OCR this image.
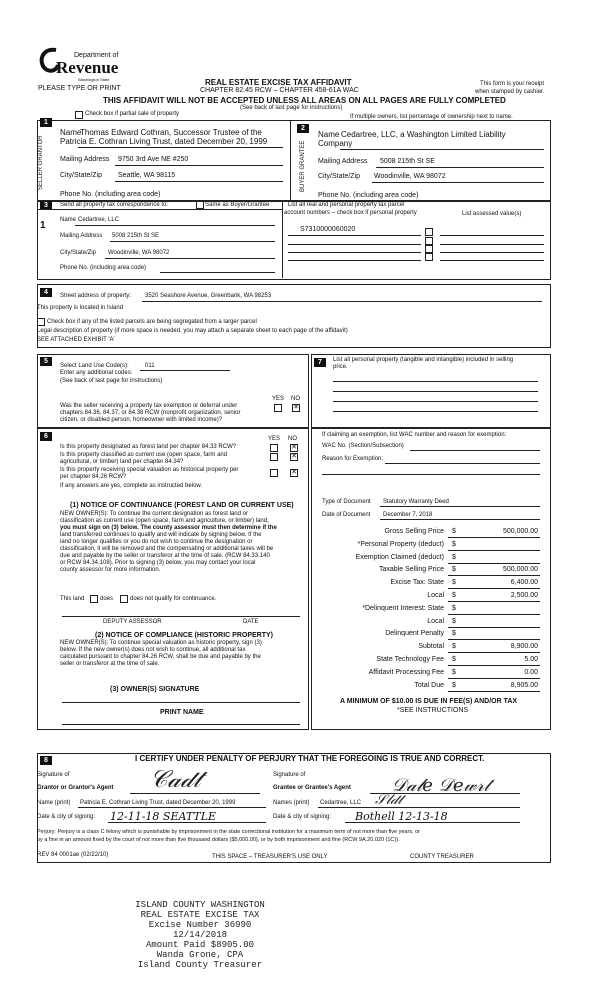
Department of
Revenue
Washington State
PLEASE TYPE OR PRINT
REAL ESTATE EXCISE TAX AFFIDAVIT
CHAPTER 82.45 RCW – CHAPTER 458-61A WAC
THIS AFFIDAVIT WILL NOT BE ACCEPTED UNLESS ALL AREAS ON ALL PAGES ARE FULLY COMPLETED
(See back of last page for instructions)
This form is your receipt
when stamped by cashier.
Check box if partial sale of property	If multiple owners, list percentage of ownership next to name.
1
2
SELLER GRANTOR	BUYER GRANTEE
Name
Thomas Edward Cothran, Successor Trustee of the
Patricia E. Cothran Living Trust, dated December 20, 1999
Mailing Address 9750 3rd Ave NE #250
City/State/Zip Seattle, WA 98115
Phone No. (including area code)
Name Cedartree, LLC, a Washington Limited Liability
Company
Mailing Address 5008 215th St SE
City/State/Zip Woodinville, WA 98072
Phone No. (including area code)
3	Send all property tax correspondence to:	Same as Buyer/Grantee
1 Name Cedartree, LLC
Mailing Address 5008 215th St SE
City/State/Zip Woodinville, WA 98072
Phone No. (including area code)
List all real and personal property tax parcel
account numbers – check box if personal property	List assessed value(s)
S7310000060020
4	Street address of property: 3520 Seashore Avenue, Greenbank, WA 98253
This property is located in Island
Check box if any of the listed parcels are being segregated from a larger parcel
Legal description of property (if more space is needed, you may attach a separate sheet to each page of the affidavit)
SEE ATTACHED EXHIBIT 'A'
5
Select Land Use Code(s):	011
Enter any additional codes:
(See back of last page for instructions)
YES NO
Was the seller receiving a property tax exemption or deferral under
chapters 84.36, 84.37, or 84.38 RCW (nonprofit organization, senior
citizen, or disabled person, homeowner with limited income)?
✕
7	List all personal property (tangible and intangible) included in selling
price.
6	YES NO
Is this property designated as forest land per chapter 84.33 RCW?	✕
Is this property classified as current use (open space, farm and
agricultural, or timber) land per chapter 84.34?
✕
Is this property receiving special valuation as historical property per
per chapter 84.26 RCW?
✕
If any answers are yes, complete as instructed below.
(1) NOTICE OF CONTINUANCE (FOREST LAND OR CURRENT USE)
NEW OWNER(S): To continue the current designation as forest land or
classification as current use (open space, farm and agriculture, or timber) land,
you must sign on (3) below. The county assessor must then determine if the
land transferred continues to qualify and will indicate by signing below. If the
land no longer qualifies or you do not wish to continue the designation or
classification, it will be removed and the compensating or additional taxes will be
due and payable by the seller or transferor at the time of sale. (RCW 84.33.140
or RCW 84.34.108). Prior to signing (3) below, you may contact your local
county assessor for more information.
This land	does	does not qualify for continuance.
DEPUTY ASSESSOR	DATE
(2) NOTICE OF COMPLIANCE (HISTORIC PROPERTY)
NEW OWNER(S): To continue special valuation as historic property, sign (3)
below. If the new owner(s) does not wish to continue, all additional tax
calculated pursuant to chapter 84.26 RCW, shall be due and payable by the
seller or transferor at the time of sale.
(3) OWNER(S) SIGNATURE
PRINT NAME
If claiming an exemption, list WAC number and reason for exemption:
WAC No. (Section/Subsection)
Reason for Exemption:
Type of Document Statutory Warranty Deed
Date of Document December 7, 2018
Gross Selling Price $	500,000.00
*Personal Property (deduct) $
Exemption Claimed (deduct) $
Taxable Selling Price $	500,000.00
Excise Tax: State $	6,400.00
Local $	2,500.00
*Delinquent Interest: State $
Local $
Delinquent Penalty $
Subtotal $	8,900.00
State Technology Fee $	5.00
Affidavit Processing Fee $	0.00
Total Due $	8,905.00
A MINIMUM OF $10.00 IS DUE IN FEE(S) AND/OR TAX
*SEE INSTRUCTIONS
8	I CERTIFY UNDER PENALTY OF PERJURY THAT THE FOREGOING IS TRUE AND CORRECT.
Signature of
Grantor or Grantor's Agent 𝒞𝒶𝒹𝓉	Signature of
Grantee or Grantee's Agent 𝒟𝒶𝓁𝑒 𝒟𝑒𝓌𝓇𝓉
Name (print) Patricia E. Cothran Living Trust, dated December 20, 1999	Names (print) Cedartree, LLC 𝒮𝓁𝒹𝓉
Date & city of signing: 12-11-18 SEATTLE	Date & city of signing: Bothell 12-13-18
Perjury: Perjury is a class C felony which is punishable by imprisonment in the state correctional institution for a maximum term of not more than five years, or
by a fine in an amount fixed by the court of not more than five thousand dollars ($5,000.00), or by both imprisonment and fine (RCW 9A.20.020 (1C)).
REV 84 0001ae (02/22/10)	THIS SPACE – TREASURER'S USE ONLY	COUNTY TREASURER
ISLAND COUNTY WASHINGTON
REAL ESTATE EXCISE TAX
Excise Number 36990
12/14/2018
Amount Paid $8905.00
Wanda Grone, CPA
Island County Treasurer
